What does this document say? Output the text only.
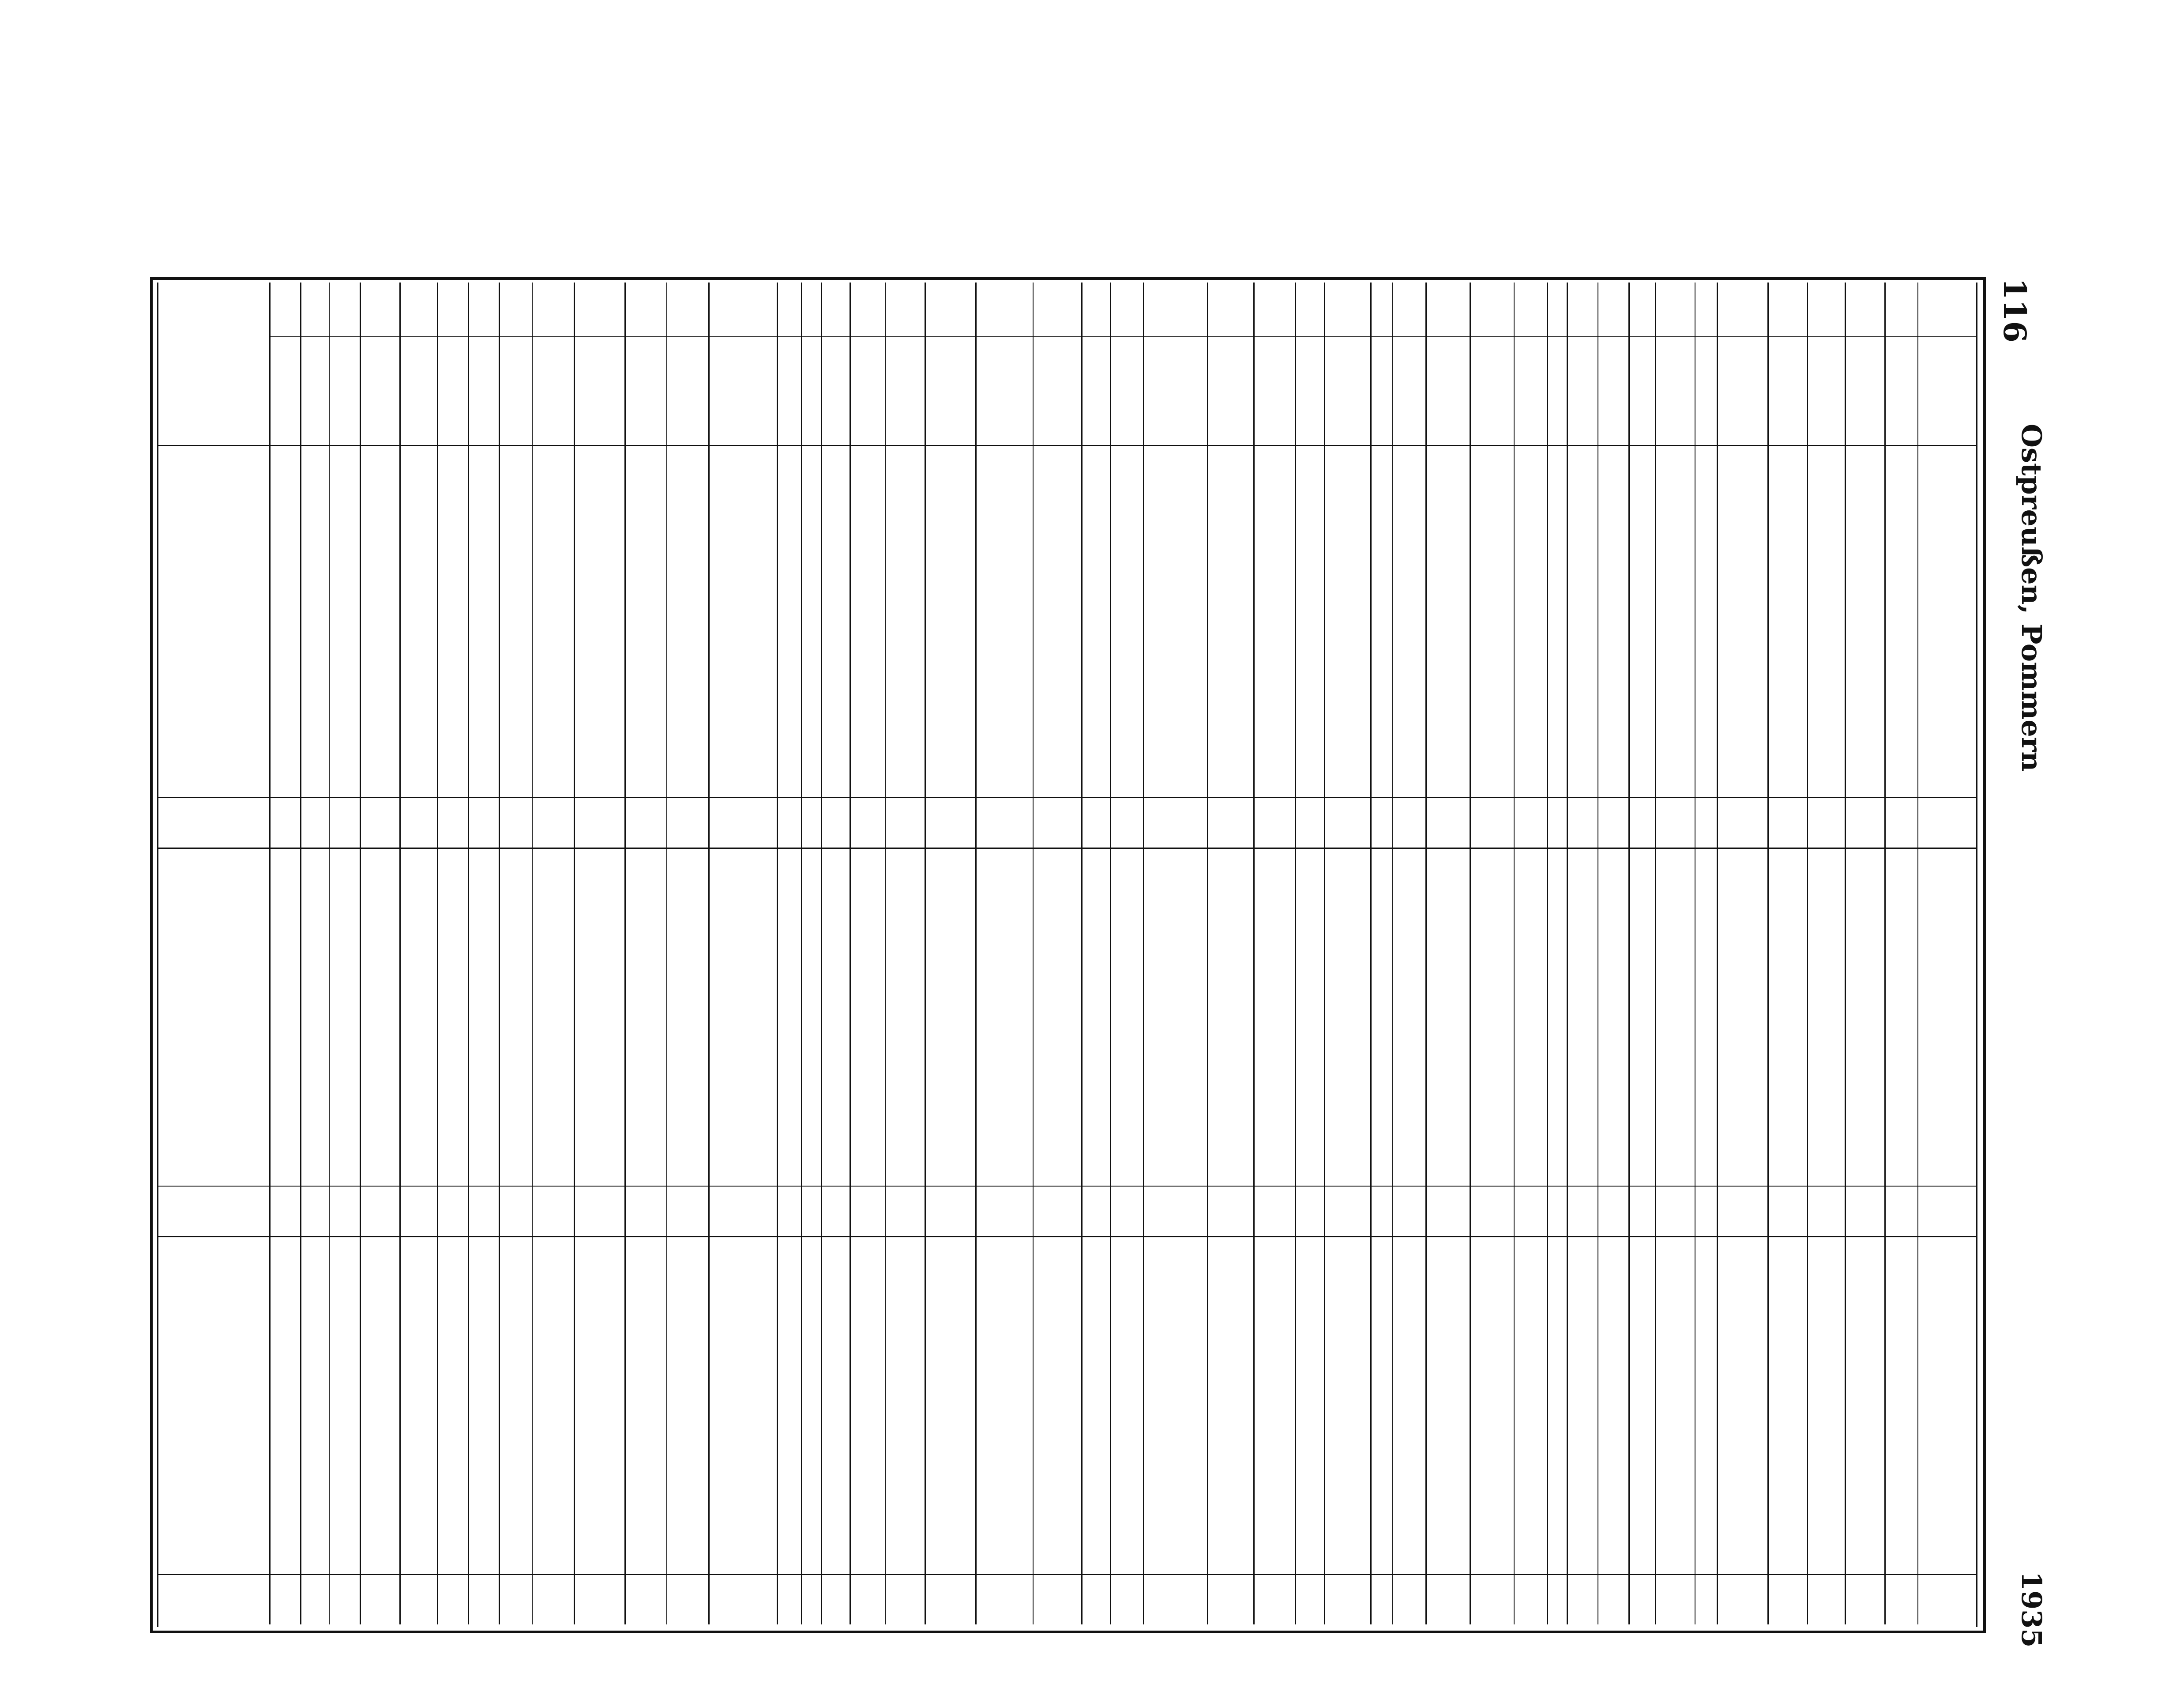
116
Ostpreußen, Pommern
1935
